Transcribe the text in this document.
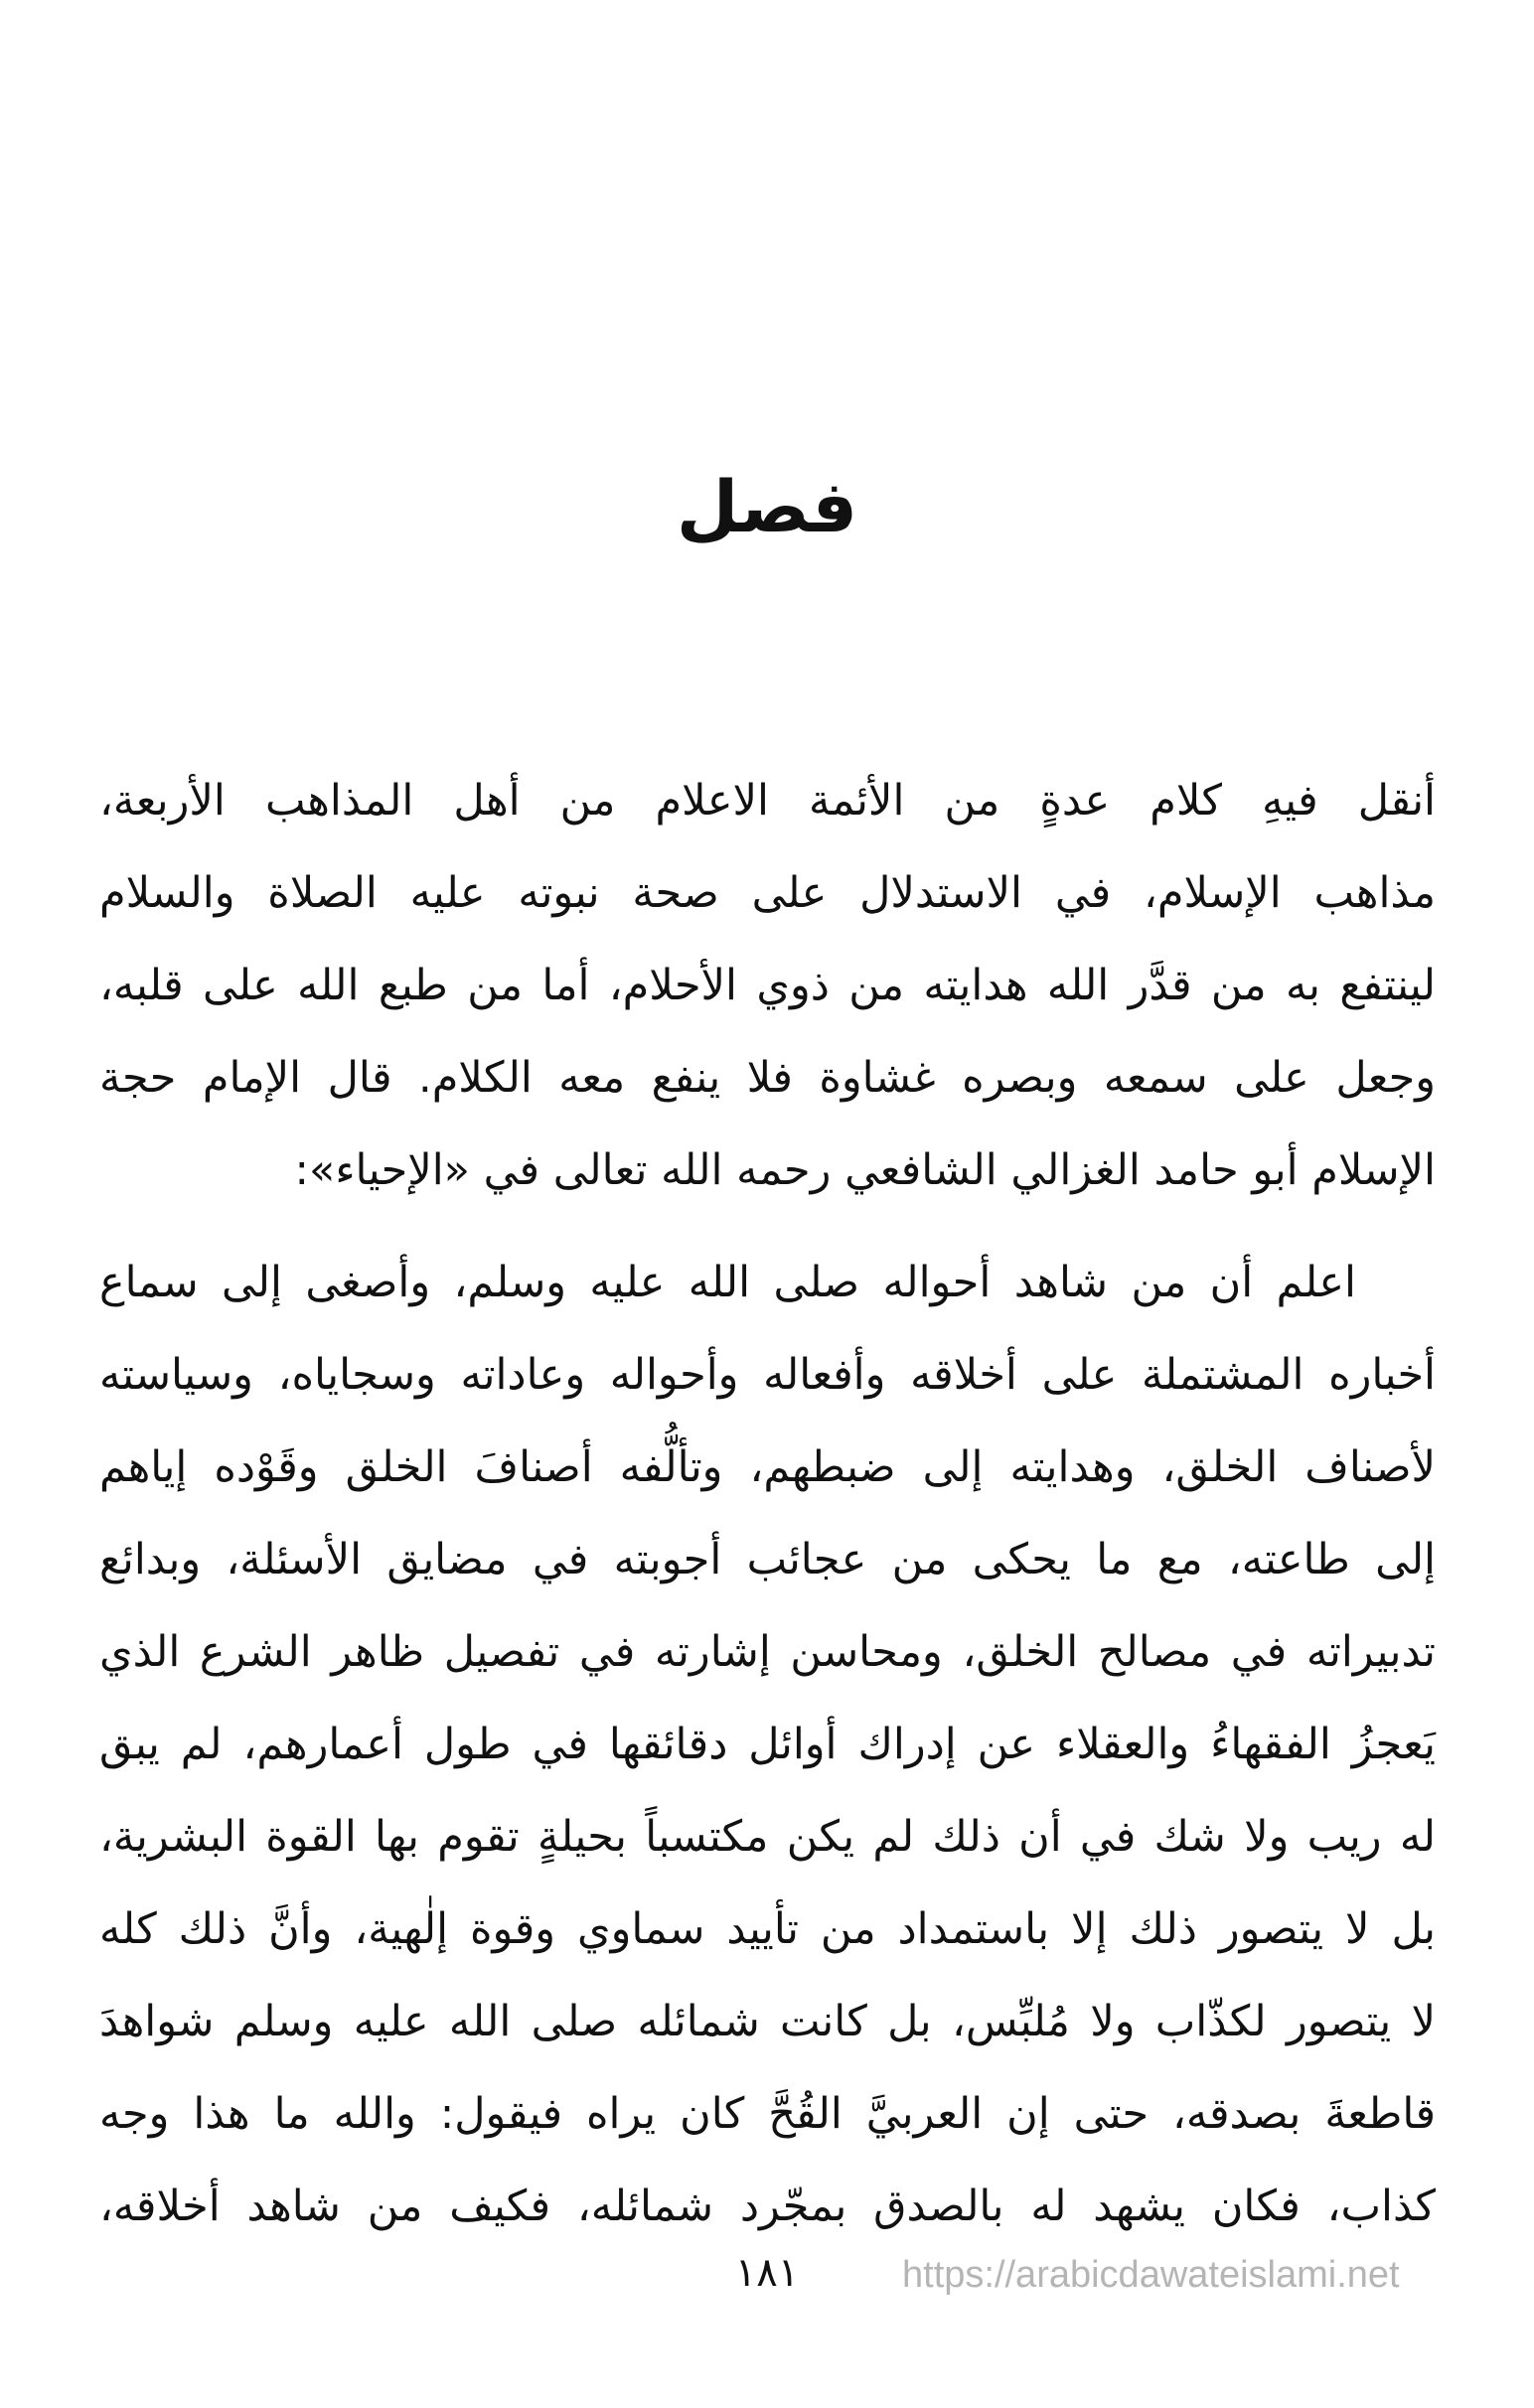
فصل
أنقل فيهِ كلام عدةٍ من الأئمة الاعلام من أهل المذاهب الأربعة،
مذاهب الإسلام، في الاستدلال على صحة نبوته عليه الصلاة والسلام
لينتفع به من قدَّر الله هدايته من ذوي الأحلام، أما من طبع الله على قلبه،
وجعل على سمعه وبصره غشاوة فلا ينفع معه الكلام. قال الإمام حجة
الإسلام أبو حامد الغزالي الشافعي رحمه الله تعالى في «الإحياء»:
اعلم أن من شاهد أحواله صلى الله عليه وسلم، وأصغى إلى سماع
أخباره المشتملة على أخلاقه وأفعاله وأحواله وعاداته وسجاياه، وسياسته
لأصناف الخلق، وهدايته إلى ضبطهم، وتألُّفه أصنافَ الخلق وقَوْده إياهم
إلى طاعته، مع ما يحكى من عجائب أجوبته في مضايق الأسئلة، وبدائع
تدبيراته في مصالح الخلق، ومحاسن إشارته في تفصيل ظاهر الشرع الذي
يَعجزُ الفقهاءُ والعقلاء عن إدراك أوائل دقائقها في طول أعمارهم، لم يبق
له ريب ولا شك في أن ذلك لم يكن مكتسباً بحيلةٍ تقوم بها القوة البشرية،
بل لا يتصور ذلك إلا باستمداد من تأييد سماوي وقوة إلٰهية، وأنَّ ذلك كله
لا يتصور لكذّاب ولا مُلبِّس، بل كانت شمائله صلى الله عليه وسلم شواهدَ
قاطعةَ بصدقه، حتى إن العربيَّ القُحَّ كان يراه فيقول: والله ما هذا وجه
كذاب، فكان يشهد له بالصدق بمجّرد شمائله، فكيف من شاهد أخلاقه،
١٨١	https://arabicdawateislami.net
